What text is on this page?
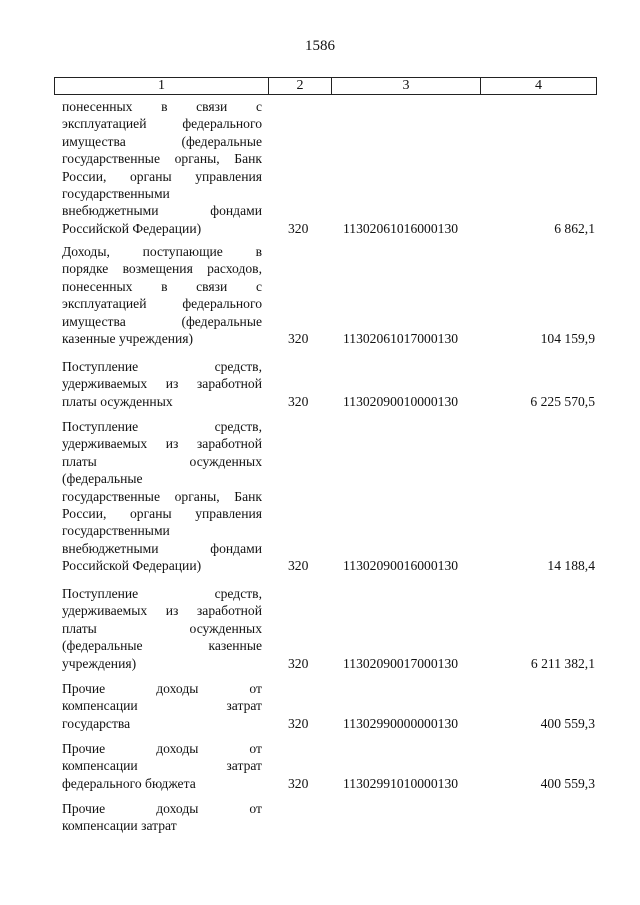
1586
1	2	3	4
понесенных в связи с
эксплуатацией федерального
имущества (федеральные
государственные органы, Банк
России, органы управления
государственными
внебюджетными фондами
Российской Федерации)	320	11302061016000130	6 862,1
Доходы, поступающие в
порядке возмещения расходов,
понесенных в связи с
эксплуатацией федерального
имущества (федеральные
казенные учреждения)	320	11302061017000130	104 159,9
Поступление средств,
удерживаемых из заработной
платы осужденных	320	11302090010000130	6 225 570,5
Поступление средств,
удерживаемых из заработной
платы осужденных
(федеральные
государственные органы, Банк
России, органы управления
государственными
внебюджетными фондами
Российской Федерации)	320	11302090016000130	14 188,4
Поступление средств,
удерживаемых из заработной
платы осужденных
(федеральные казенные
учреждения)	320	11302090017000130	6 211 382,1
Прочие доходы от
компенсации затрат
государства	320	11302990000000130	400 559,3
Прочие доходы от
компенсации затрат
федерального бюджета	320	11302991010000130	400 559,3
Прочие доходы от
компенсации затрат
